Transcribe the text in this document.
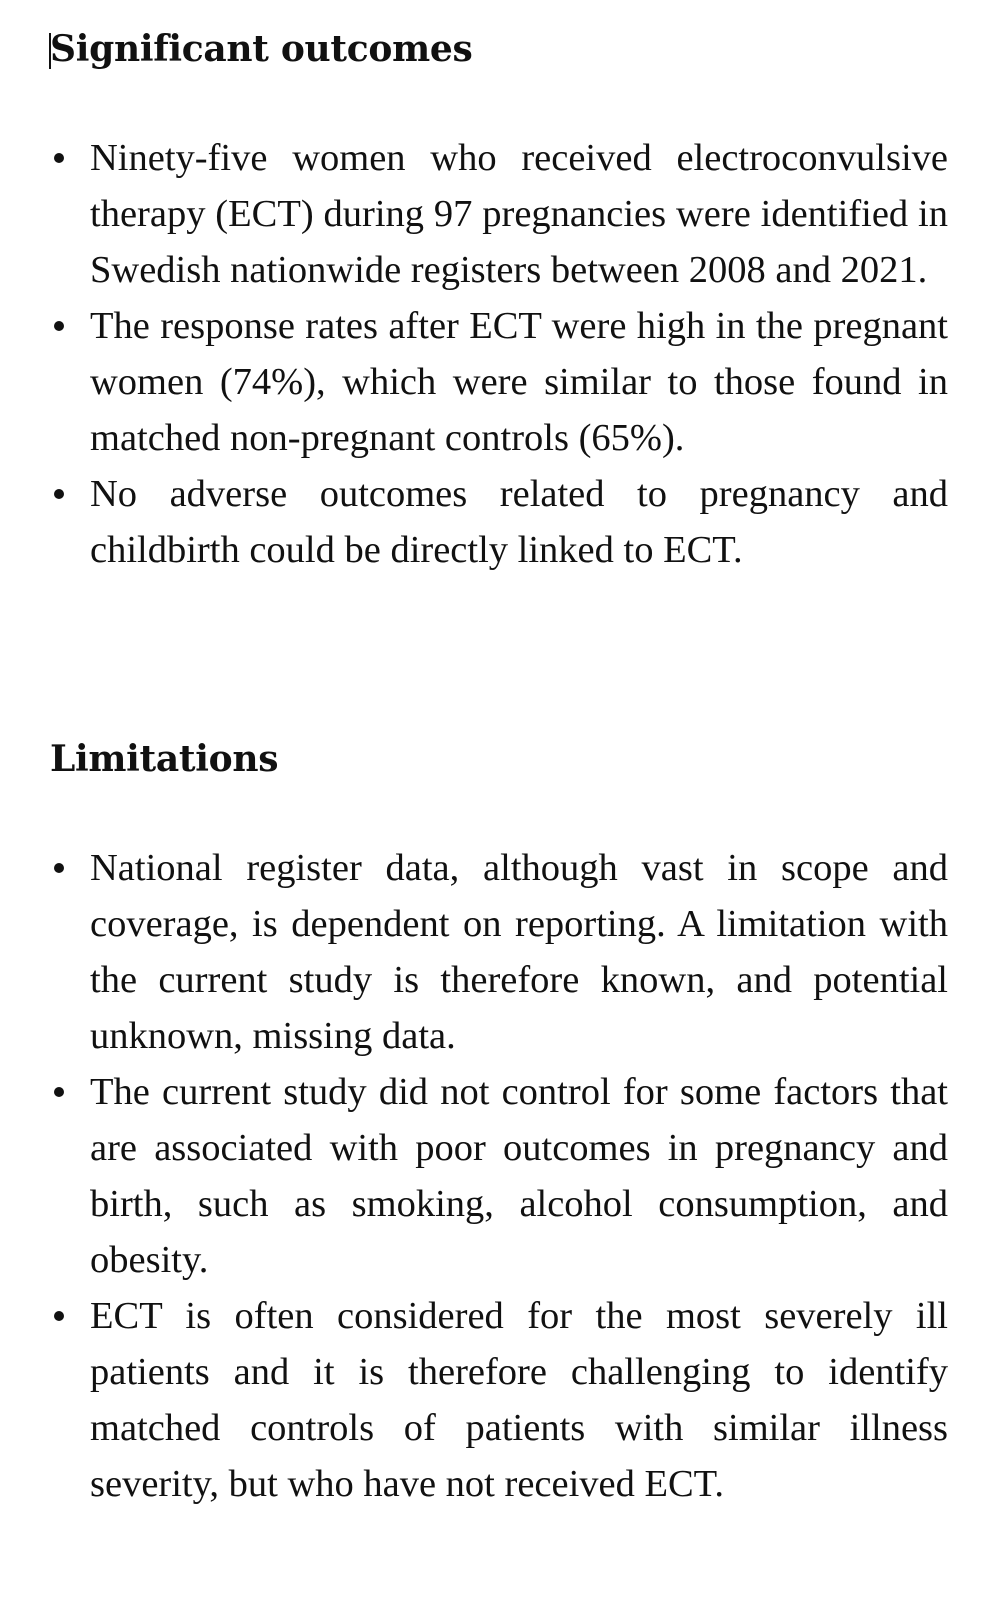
Significant outcomes
Ninety-five women who received electroconvulsive therapy (ECT) during 97 pregnancies were identified in Swedish nationwide registers between 2008 and 2021.
The response rates after ECT were high in the pregnant women (74%), which were similar to those found in matched non-pregnant controls (65%).
No adverse outcomes related to pregnancy and childbirth could be directly linked to ECT.
Limitations
National register data, although vast in scope and coverage, is dependent on reporting. A limitation with the current study is therefore known, and potential unknown, missing data.
The current study did not control for some factors that are associated with poor outcomes in pregnancy and birth, such as smoking, alcohol consumption, and obesity.
ECT is often considered for the most severely ill patients and it is therefore challenging to identify matched controls of patients with similar illness severity, but who have not received ECT.
